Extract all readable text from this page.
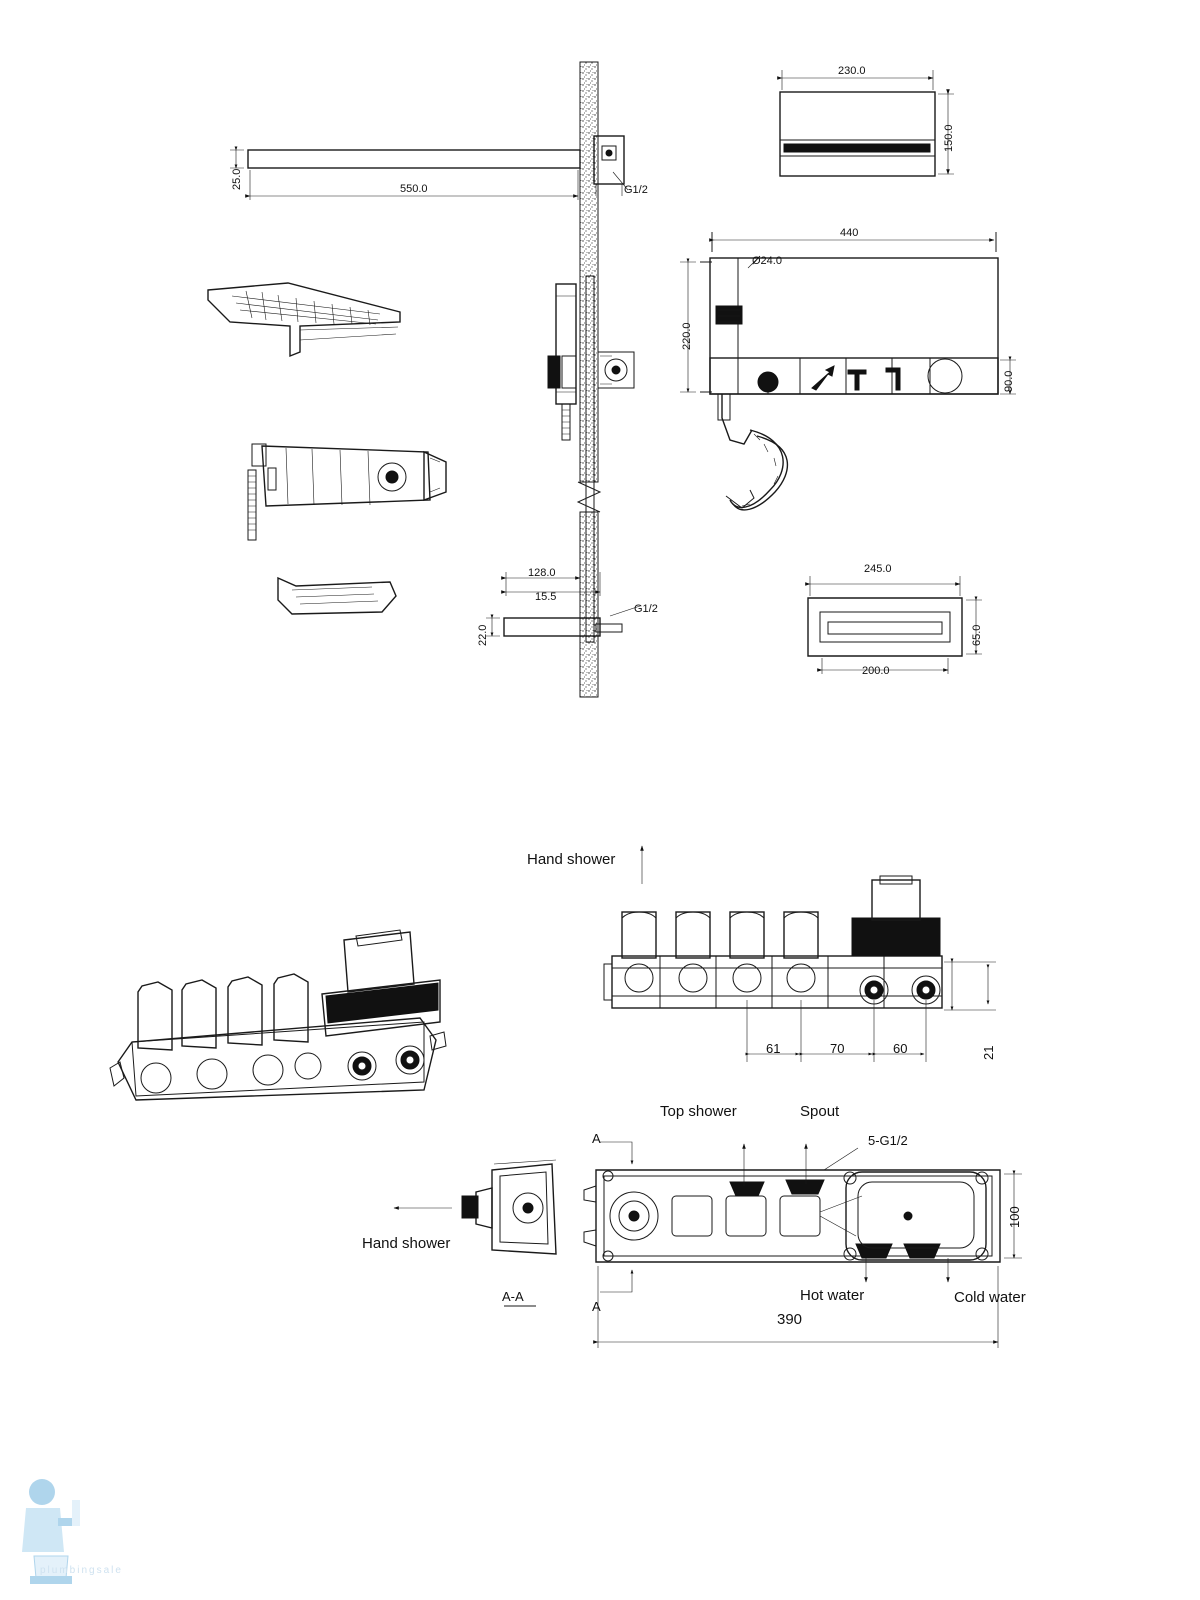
25.0	550.0	G1/2
G1/2
128.0
15.5
22.0
230.0
150.0
440
Ø24.0
220.0
90.0
245.0
200.0
65.0
Hand shower
Hand shower
Top shower	Spout
5-G1/2
Hot water	Cold water
A-A
A
A
61	70	60	21
100
390
plumbingsale
